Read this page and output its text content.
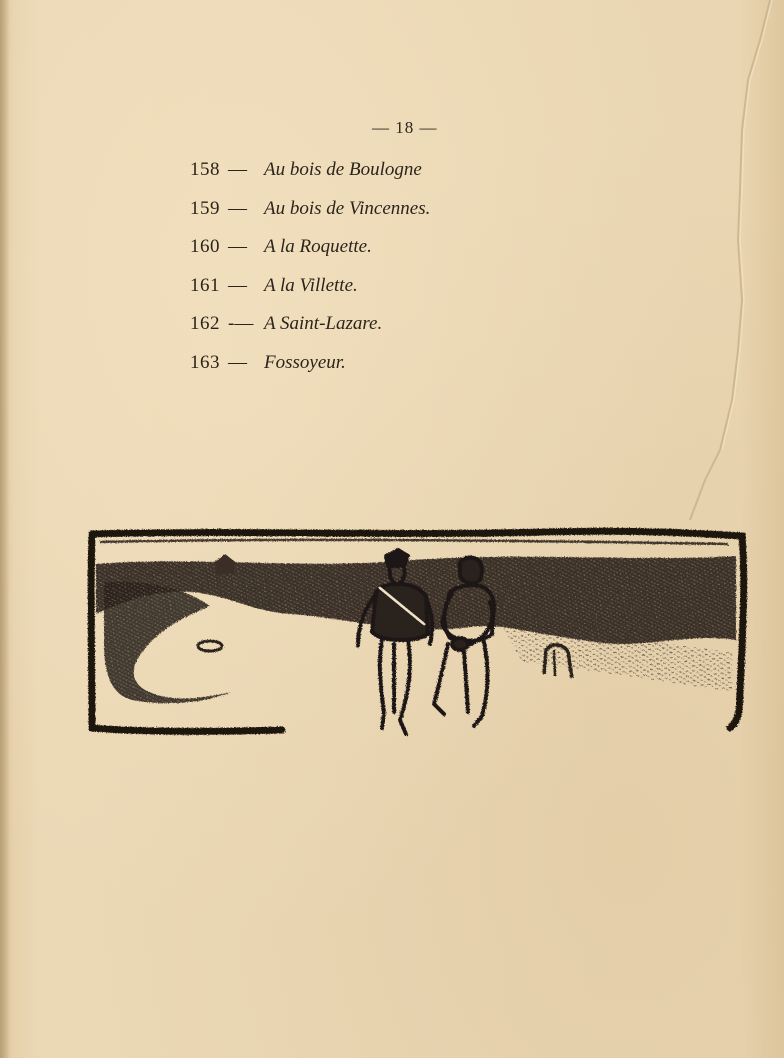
— 18 —
158 — Au bois de Boulogne
159 — Au bois de Vincennes.
160 — A la Roquette.
161 — A la Villette.
162 -— A Saint-Lazare.
163 — Fossoyeur.
